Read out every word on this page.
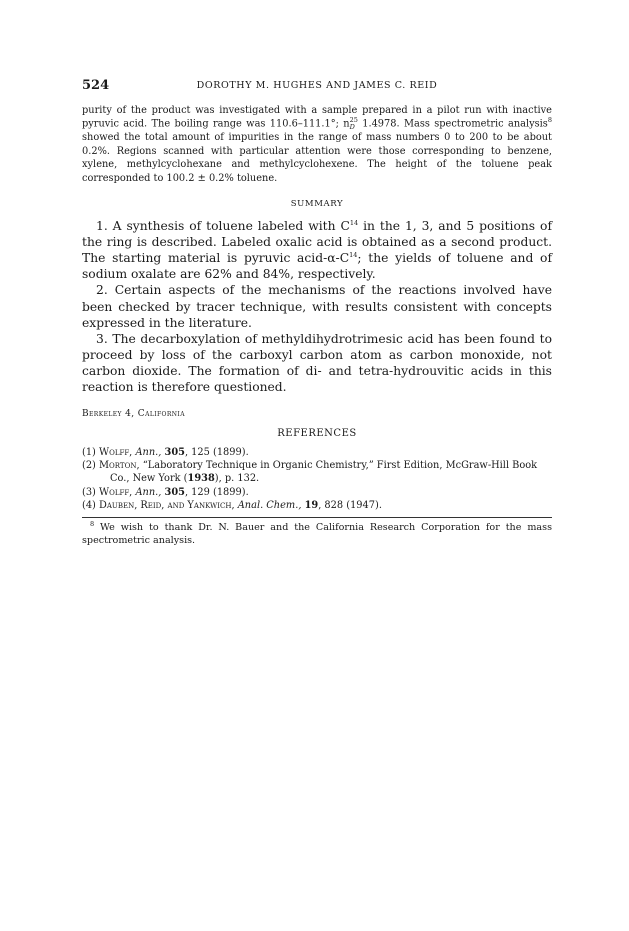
524	DOROTHY M. HUGHES AND JAMES C. REID
purity of the product was investigated with a sample prepared in a pilot run with inactive pyruvic acid. The boiling range was 110.6–111.1°; n 25
D 1.4978. Mass spectrometric analysis$^8$ showed the total amount of impurities in the range of mass numbers 0 to 200 to be about 0.2%. Regions scanned with particular attention were those corresponding to benzene, xylene, methylcyclohexane and methylcyclohexene. The height of the toluene peak corresponded to 100.2 ± 0.2% toluene.
SUMMARY

1. A synthesis of toluene labeled with $C^{14}$ in the 1, 3, and 5 positions of the ring is described. Labeled oxalic acid is obtained as a second product. The starting material is pyruvic acid-$\alpha-C^{14}$; the yields of toluene and of sodium oxalate are 62% and 84%, respectively.

2. Certain aspects of the mechanisms of the reactions involved have been checked by tracer technique, with results consistent with concepts expressed in the literature.

3. The decarboxylation of methyldihydrotrimesic acid has been found to proceed by loss of the carboxyl carbon atom as carbon monoxide, not carbon dioxide. The formation of di- and tetra-hydrouvitic acids in this reaction is therefore questioned.

Berkeley 4, California
REFERENCES
(1) Wolff, Ann., 305, 125 (1899).
(2) Morton, “Laboratory Technique in Organic Chemistry,” First Edition, McGraw-Hill Book Co., New York (1938), p. 132.
(3) Wolff, Ann., 305, 129 (1899).
(4) Dauben, Reid, and Yankwich, Anal. Chem., 19, 828 (1947).
$^8$ We wish to thank Dr. N. Bauer and the California Research Corporation for the mass spectrometric analysis.
